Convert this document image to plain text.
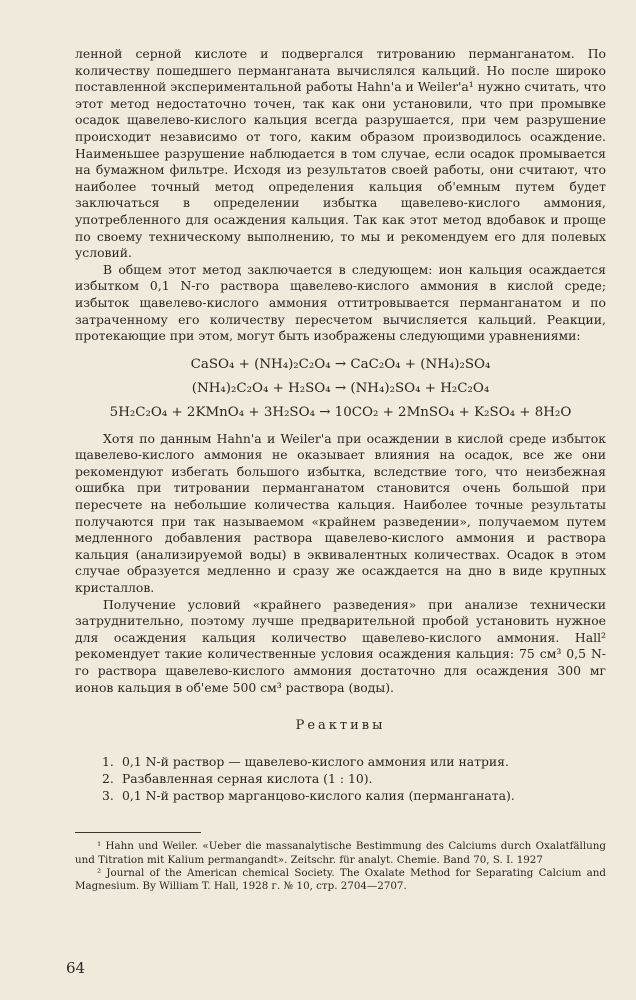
ленной серной кислоте и подвергался титрованию перманганатом. По количеству пошедшего перманганата вычислялся кальций. Но после широко поставленной экспериментальной работы Hahn'a и Weiler'a¹ нужно считать, что этот метод недостаточно точен, так как они установили, что при промывке осадок щавелево-кислого кальция всегда разрушается, при чем разрушение происходит независимо от того, каким образом производилось осаждение. Наименьшее разрушение наблюдается в том случае, если осадок промывается на бумажном фильтре. Исходя из результатов своей работы, они считают, что наиболее точный метод определения кальция об'емным путем будет заключаться в определении избытка щавелево-кислого аммония, употребленного для осаждения кальция. Так как этот метод вдобавок и проще по своему техническому выполнению, то мы и рекомендуем его для полевых условий.

В общем этот метод заключается в следующем: ион кальция осаждается избытком 0,1 N-го раствора щавелево-кислого аммония в кислой среде; избыток щавелево-кислого аммония оттитровывается перманганатом и по затраченному его количеству пересчетом вычисляется кальций. Реакции, протекающие при этом, могут быть изображены следующими уравнениями:

CaSO₄ + (NH₄)₂C₂O₄ → CaC₂O₄ + (NH₄)₂SO₄

(NH₄)₂C₂O₄ + H₂SO₄ → (NH₄)₂SO₄ + H₂C₂O₄

5H₂C₂O₄ + 2KMnO₄ + 3H₂SO₄ → 10CO₂ + 2MnSO₄ + K₂SO₄ + 8H₂O

Хотя по данным Hahn'a и Weiler'a при осаждении в кислой среде избыток щавелево-кислого аммония не оказывает влияния на осадок, все же они рекомендуют избегать большого избытка, вследствие того, что неизбежная ошибка при титровании перманганатом становится очень большой при пересчете на небольшие количества кальция. Наиболее точные результаты получаются при так называемом «крайнем разведении», получаемом путем медленного добавления раствора щавелево-кислого аммония и раствора кальция (анализируемой воды) в эквивалентных количествах. Осадок в этом случае образуется медленно и сразу же осаждается на дно в виде крупных кристаллов.

Получение условий «крайнего разведения» при анализе технически затруднительно, поэтому лучше предварительной пробой установить нужное для осаждения кальция количество щавелево-кислого аммония. Hall² рекомендует такие количественные условия осаждения кальция: 75 см³ 0,5 N-го раствора щавелево-кислого аммония достаточно для осаждения 300 мг ионов кальция в об'еме 500 см³ раствора (воды).

Реактивы
1. 0,1 N-й раствор — щавелево-кислого аммония или натрия.
2. Разбавленная серная кислота (1 : 10).
3. 0,1 N-й раствор марганцово-кислого калия (перманганата).

¹ Hahn und Weiler. «Ueber die massanalytische Bestimmung des Calciums durch Oxalatfällung und Titration mit Kalium permangandt». Zeitschr. für analyt. Chemie. Band 70, S. I. 1927

² Journal of the American chemical Society. The Oxalate Method for Separating Calcium and Magnesium. By William T. Hall, 1928 г. № 10, стр. 2704—2707.

64
